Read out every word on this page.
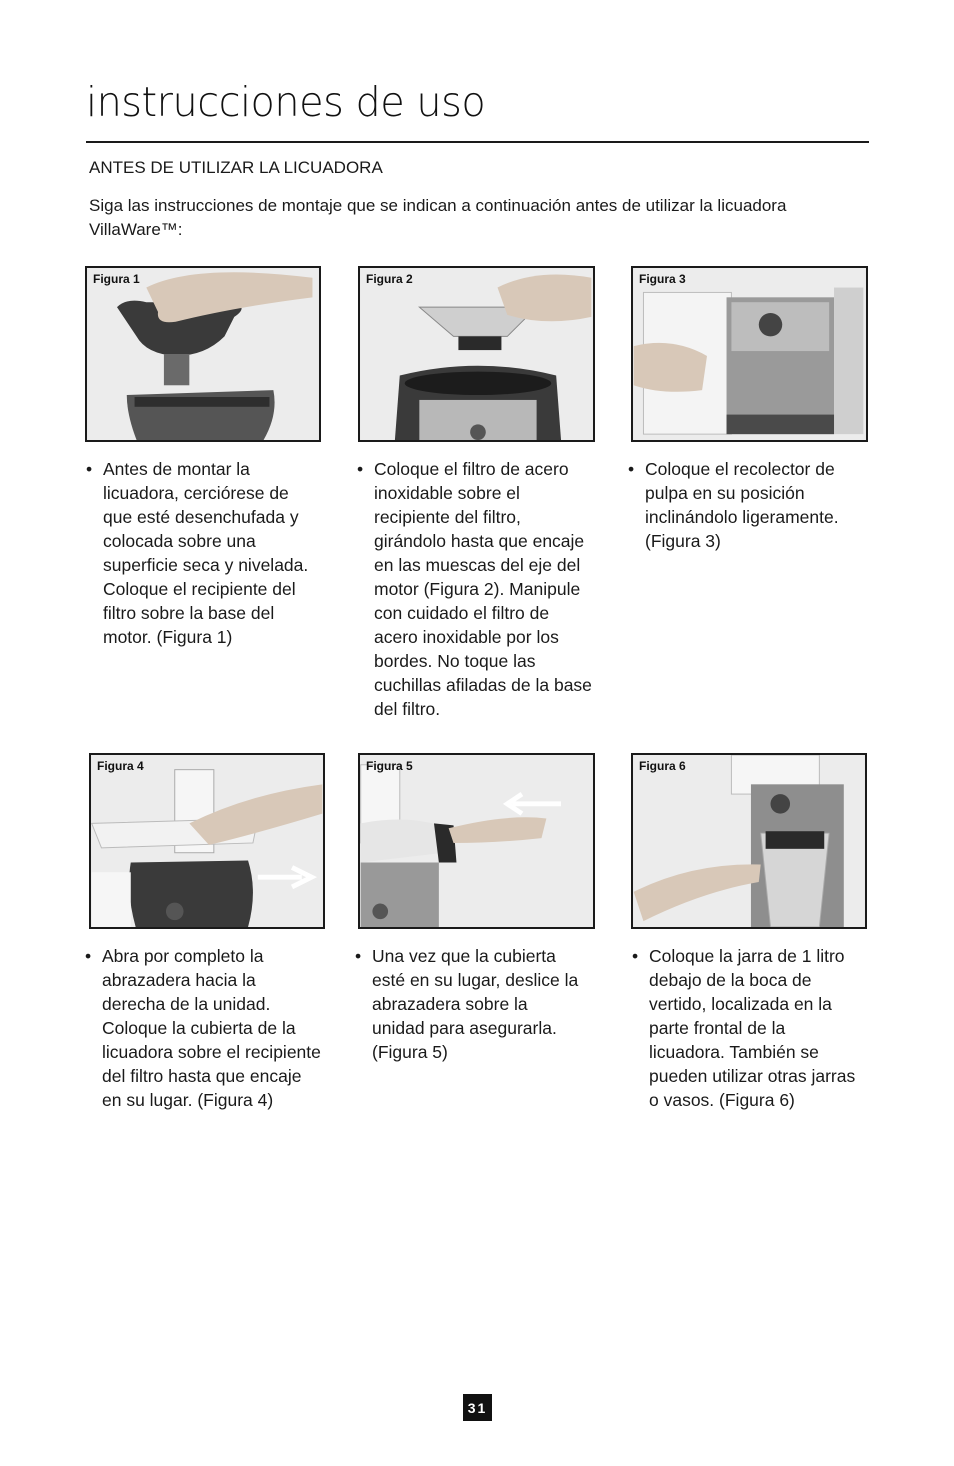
instrucciones de uso
ANTES DE UTILIZAR LA LICUADORA
Siga las instrucciones de montaje que se indican a continuación antes de utilizar la licuadora VillaWare™:
Figura 1	Figura 2	Figura 3
Figura 4	Figura 5	Figura 6
• Antes de montar la licuadora, cerciórese de que esté desenchufada y colocada sobre una superficie seca y nivelada. Coloque el recipiente del filtro sobre la base del motor. (Figura 1)
• Coloque el filtro de acero inoxidable sobre el recipiente del filtro, girándolo hasta que encaje en las muescas del eje del motor (Figura 2). Manipule con cuidado el filtro de acero inoxidable por los bordes. No toque las cuchillas afiladas de la base del filtro.
• Coloque el recolector de pulpa en su posición inclinándolo ligeramente. (Figura 3)
• Abra por completo la abrazadera hacia la derecha de la unidad. Coloque la cubierta de la licuadora sobre el recipiente del filtro hasta que encaje en su lugar. (Figura 4)
• Una vez que la cubierta esté en su lugar, deslice la abrazadera sobre la unidad para asegurarla. (Figura 5)
• Coloque la jarra de 1 litro debajo de la boca de vertido, localizada en la parte frontal de la licuadora. También se pueden utilizar otras jarras o vasos. (Figura 6)
31
